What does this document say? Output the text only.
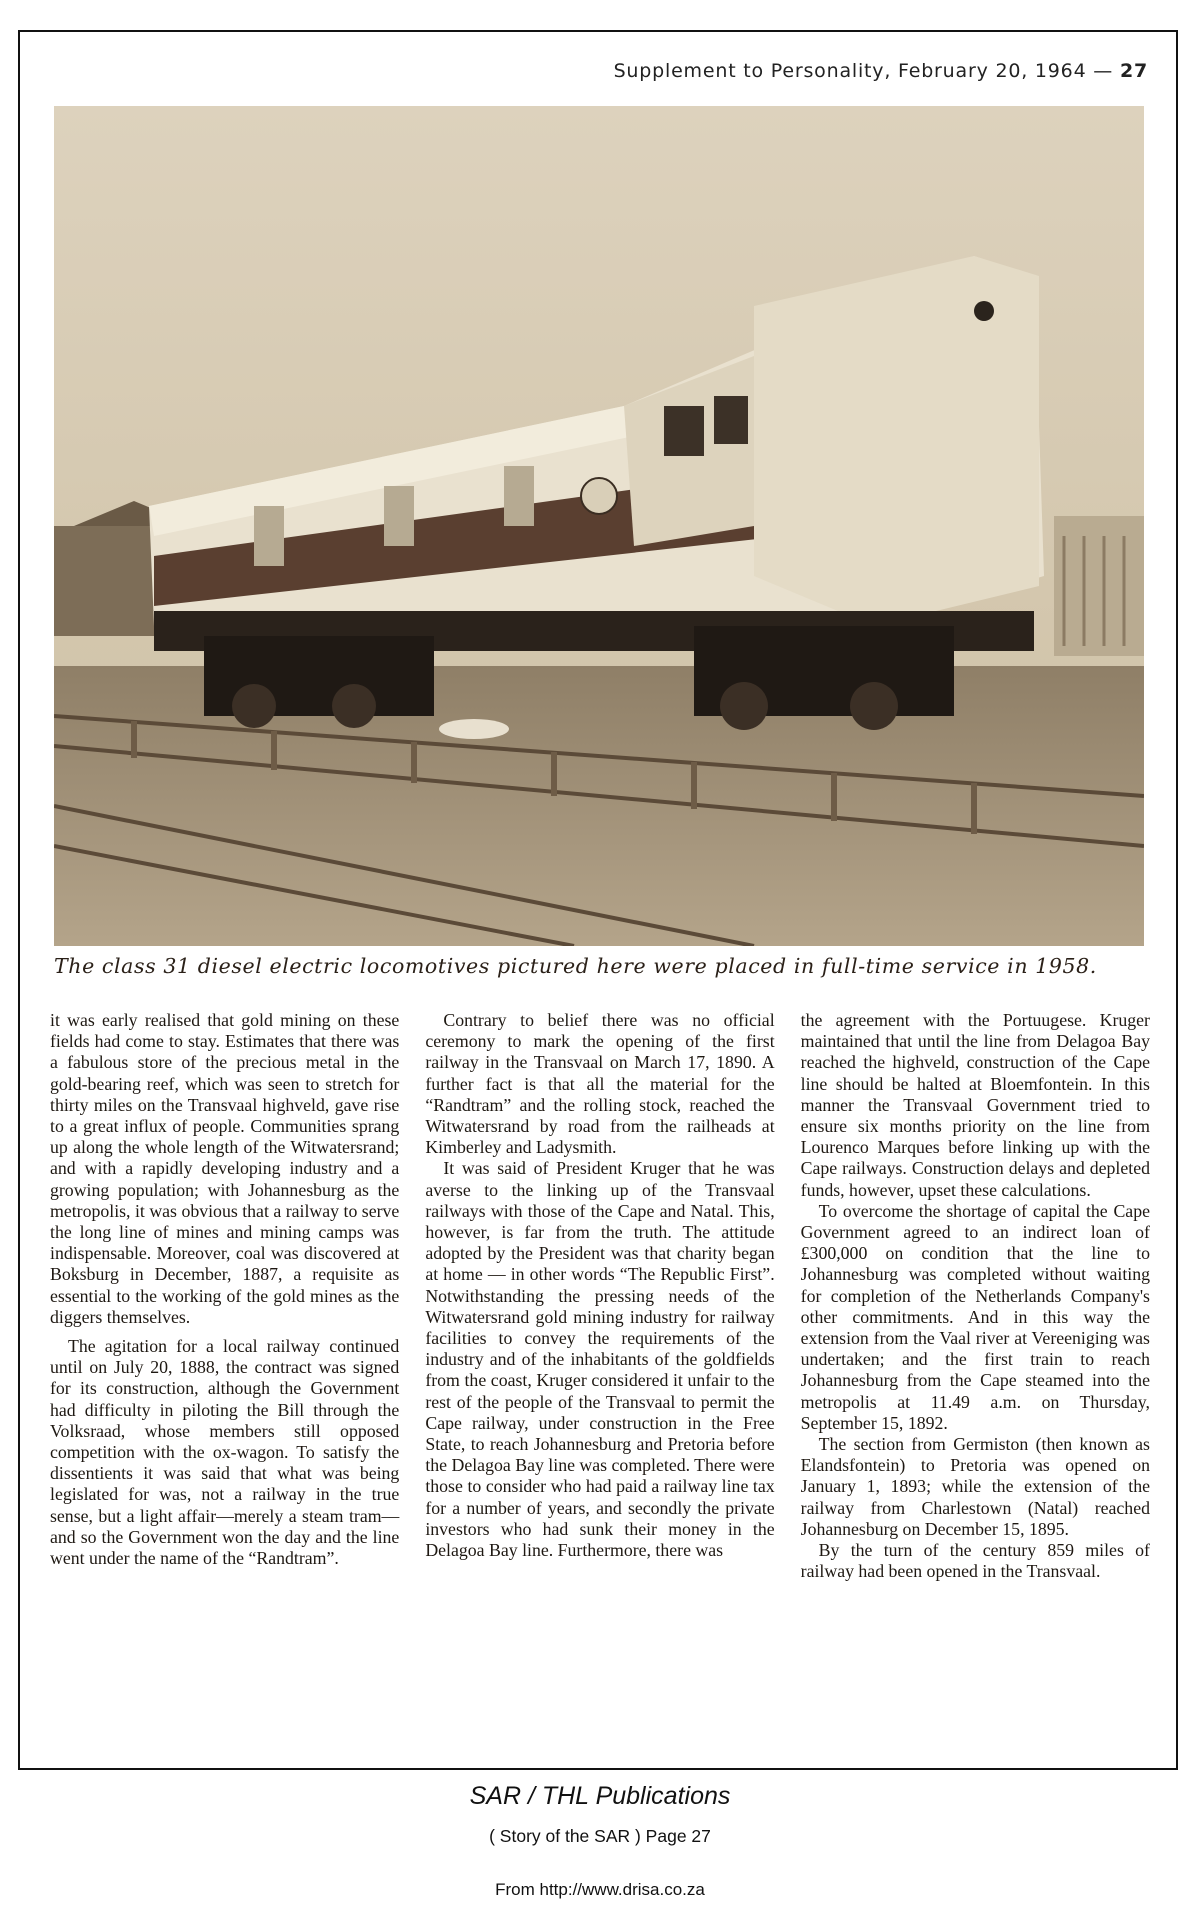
Supplement to Personality, February 20, 1964 — 27
The class 31 diesel electric locomotives pictured here were placed in full-time service in 1958.

it was early realised that gold mining on these fields had come to stay. Estimates that there was a fabulous store of the precious metal in the gold-bearing reef, which was seen to stretch for thirty miles on the Transvaal highveld, gave rise to a great influx of people. Communities sprang up along the whole length of the Witwatersrand; and with a rapidly developing industry and a growing population; with Johannesburg as the metropolis, it was obvious that a railway to serve the long line of mines and mining camps was indispensable. Moreover, coal was discovered at Boksburg in December, 1887, a requisite as essential to the working of the gold mines as the diggers themselves.

The agitation for a local railway continued until on July 20, 1888, the contract was signed for its construction, although the Government had difficulty in piloting the Bill through the Volksraad, whose members still opposed competition with the ox-wagon. To satisfy the dissentients it was said that what was being legislated for was, not a railway in the true sense, but a light affair—merely a steam tram—and so the Government won the day and the line went under the name of the “Randtram”.

Contrary to belief there was no official ceremony to mark the opening of the first railway in the Transvaal on March 17, 1890. A further fact is that all the material for the “Randtram” and the rolling stock, reached the Witwatersrand by road from the railheads at Kimberley and Ladysmith.

It was said of President Kruger that he was averse to the linking up of the Transvaal railways with those of the Cape and Natal. This, however, is far from the truth. The attitude adopted by the President was that charity began at home — in other words “The Republic First”. Notwithstanding the pressing needs of the Witwatersrand gold mining industry for railway facilities to convey the requirements of the industry and of the inhabitants of the goldfields from the coast, Kruger considered it unfair to the rest of the people of the Transvaal to permit the Cape railway, under construction in the Free State, to reach Johannesburg and Pretoria before the Delagoa Bay line was completed. There were those to consider who had paid a railway line tax for a number of years, and secondly the private investors who had sunk their money in the Delagoa Bay line. Furthermore, there was

the agreement with the Portuugese. Kruger maintained that until the line from Delagoa Bay reached the highveld, construction of the Cape line should be halted at Bloemfontein. In this manner the Transvaal Government tried to ensure six months priority on the line from Lourenco Marques before linking up with the Cape railways. Construction delays and depleted funds, however, upset these calculations.

To overcome the shortage of capital the Cape Government agreed to an indirect loan of £300,000 on condition that the line to Johannesburg was completed without waiting for completion of the Netherlands Company's other commitments. And in this way the extension from the Vaal river at Vereeniging was undertaken; and the first train to reach Johannesburg from the Cape steamed into the metropolis at 11.49 a.m. on Thursday, September 15, 1892.

The section from Germiston (then known as Elandsfontein) to Pretoria was opened on January 1, 1893; while the extension of the railway from Charlestown (Natal) reached Johannesburg on December 15, 1895.

By the turn of the century 859 miles of railway had been opened in the Transvaal.

SAR / THL Publications
( Story of the SAR ) Page 27
From http://www.drisa.co.za
